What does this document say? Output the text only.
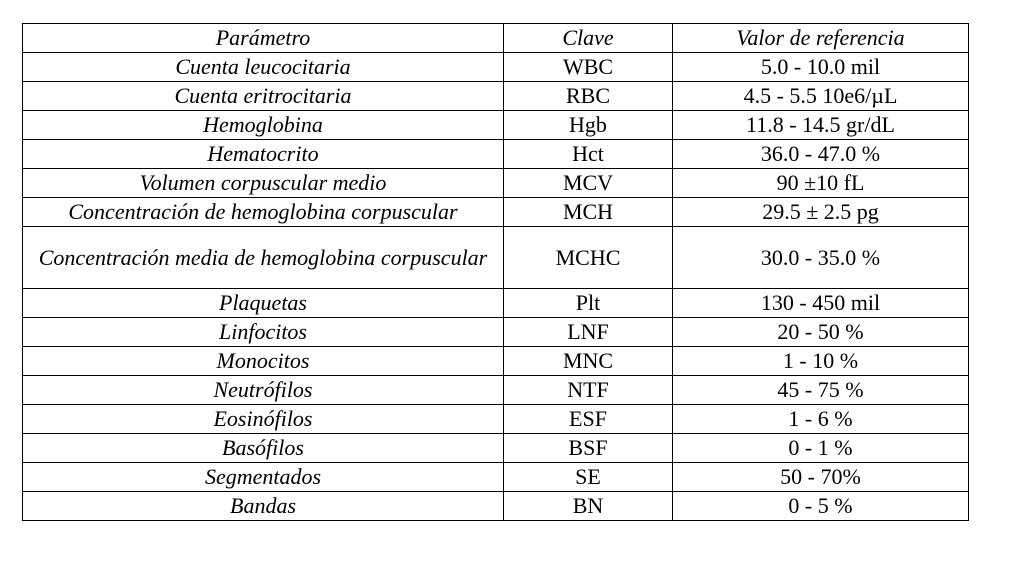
Parámetro	Clave	Valor de referencia
Cuenta leucocitaria	WBC	5.0 - 10.0 mil
Cuenta eritrocitaria	RBC	4.5 - 5.5 10e6/µL
Hemoglobina	Hgb	11.8 - 14.5 gr/dL
Hematocrito	Hct	36.0 - 47.0 %
Volumen corpuscular medio	MCV	90 ±10 fL
Concentración de hemoglobina corpuscular	MCH	29.5 ± 2.5 pg
Concentración media de hemoglobina corpuscular	MCHC	30.0 - 35.0 %
Plaquetas	Plt	130 - 450 mil
Linfocitos	LNF	20 - 50 %
Monocitos	MNC	1 - 10 %
Neutrófilos	NTF	45 - 75 %
Eosinófilos	ESF	1 - 6 %
Basófilos	BSF	0 - 1 %
Segmentados	SE	50 - 70%
Bandas	BN	0 - 5 %
